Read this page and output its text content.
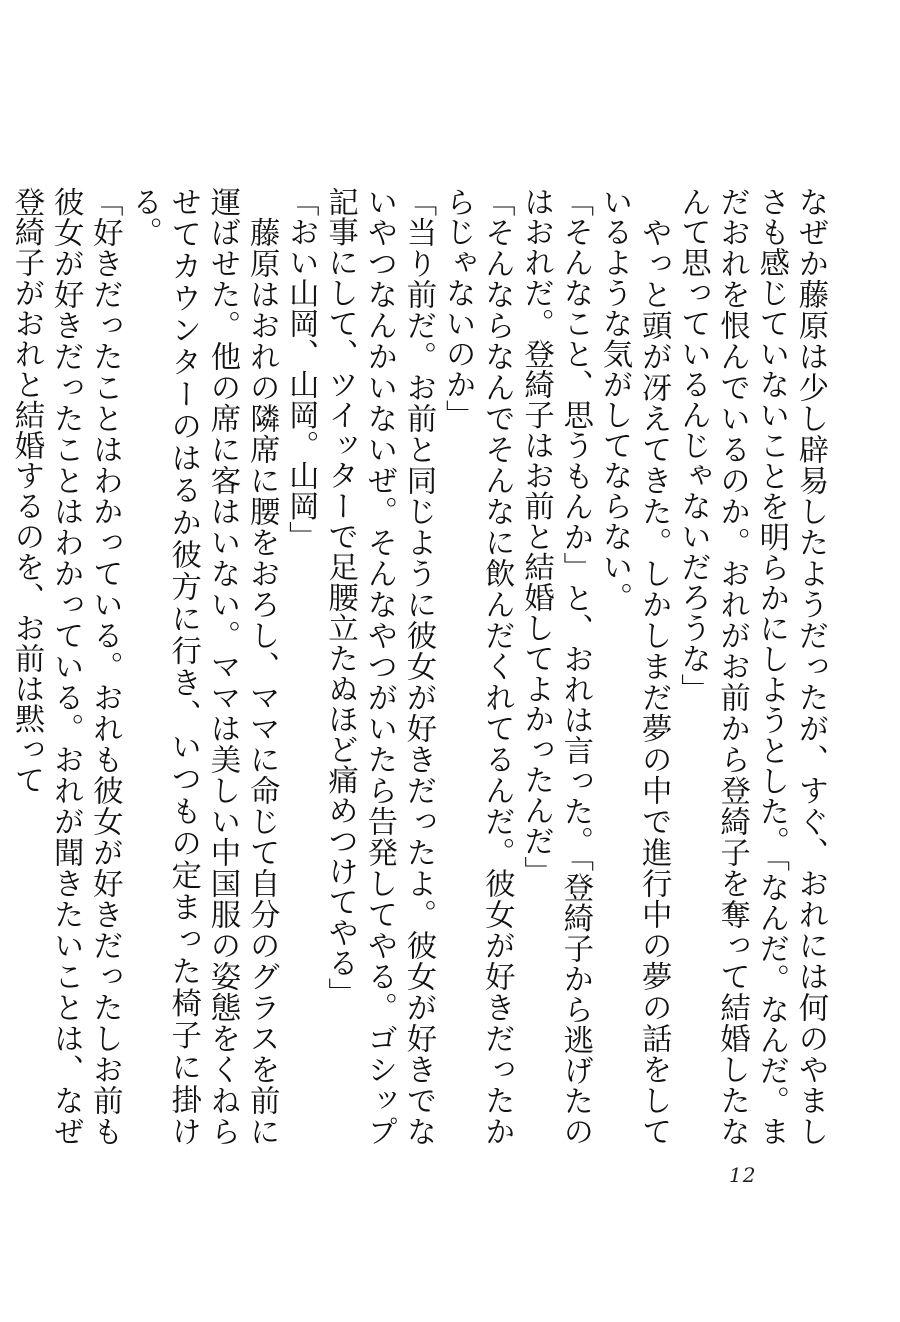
なぜか藤原は少し辟易したようだったが、すぐ、おれには何のやましさも感じていないことを明らかにしようとした。「なんだ。なんだ。まだおれを恨んでいるのか。おれがお前から登綺子を奪って結婚したなんて思っているんじゃないだろうな」

　やっと頭が冴えてきた。しかしまだ夢の中で進行中の夢の話をしているような気がしてならない。

「そんなこと、思うもんか」と、おれは言った。「登綺子から逃げたのはおれだ。登綺子はお前と結婚してよかったんだ」

「そんならなんでそんなに飲んだくれてるんだ。彼女が好きだったからじゃないのか」

「当り前だ。お前と同じように彼女が好きだったよ。彼女が好きでないやつなんかいないぜ。そんなやつがいたら告発してやる。ゴシップ記事にして、ツイッターで足腰立たぬほど痛めつけてやる」

「おい山岡、山岡。山岡」

　藤原はおれの隣席に腰をおろし、ママに命じて自分のグラスを前に運ばせた。他の席に客はいない。ママは美しい中国服の姿態をくねらせてカウンターのはるか彼方に行き、いつもの定まった椅子に掛ける。

「好きだったことはわかっている。おれも彼女が好きだったしお前も彼女が好きだったことはわかっている。おれが聞きたいことは、なぜ登綺子がおれと結婚するのを、お前は黙って

12
